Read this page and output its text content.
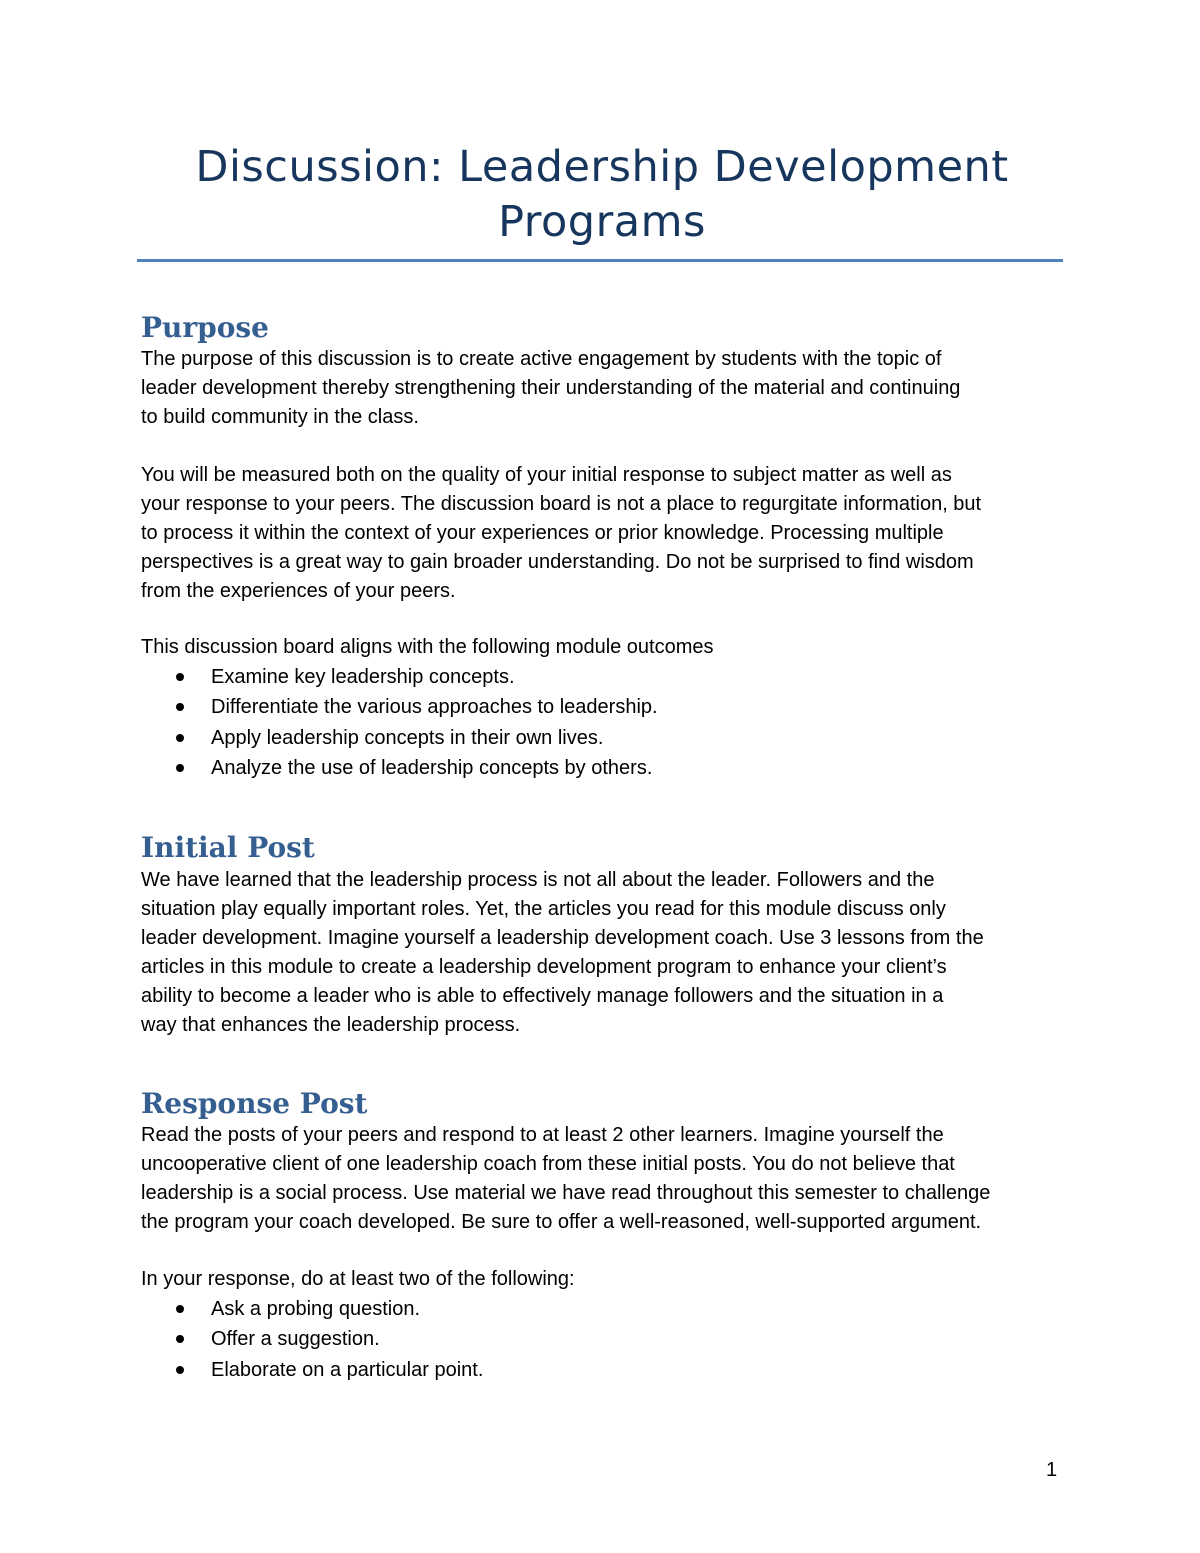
Discussion: Leadership Development
Programs
Purpose

The purpose of this discussion is to create active engagement by students with the topic of
leader development thereby strengthening their understanding of the material and continuing
to build community in the class.

You will be measured both on the quality of your initial response to subject matter as well as
your response to your peers. The discussion board is not a place to regurgitate information, but
to process it within the context of your experiences or prior knowledge. Processing multiple
perspectives is a great way to gain broader understanding. Do not be surprised to find wisdom
from the experiences of your peers.

This discussion board aligns with the following module outcomes

Examine key leadership concepts.
Differentiate the various approaches to leadership.
Apply leadership concepts in their own lives.
Analyze the use of leadership concepts by others.
Initial Post

We have learned that the leadership process is not all about the leader. Followers and the
situation play equally important roles. Yet, the articles you read for this module discuss only
leader development. Imagine yourself a leadership development coach. Use 3 lessons from the
articles in this module to create a leadership development program to enhance your client’s
ability to become a leader who is able to effectively manage followers and the situation in a
way that enhances the leadership process.

Response Post

Read the posts of your peers and respond to at least 2 other learners. Imagine yourself the
uncooperative client of one leadership coach from these initial posts. You do not believe that
leadership is a social process. Use material we have read throughout this semester to challenge
the program your coach developed. Be sure to offer a well-reasoned, well-supported argument.

In your response, do at least two of the following:

Ask a probing question.
Offer a suggestion.
Elaborate on a particular point.
1
